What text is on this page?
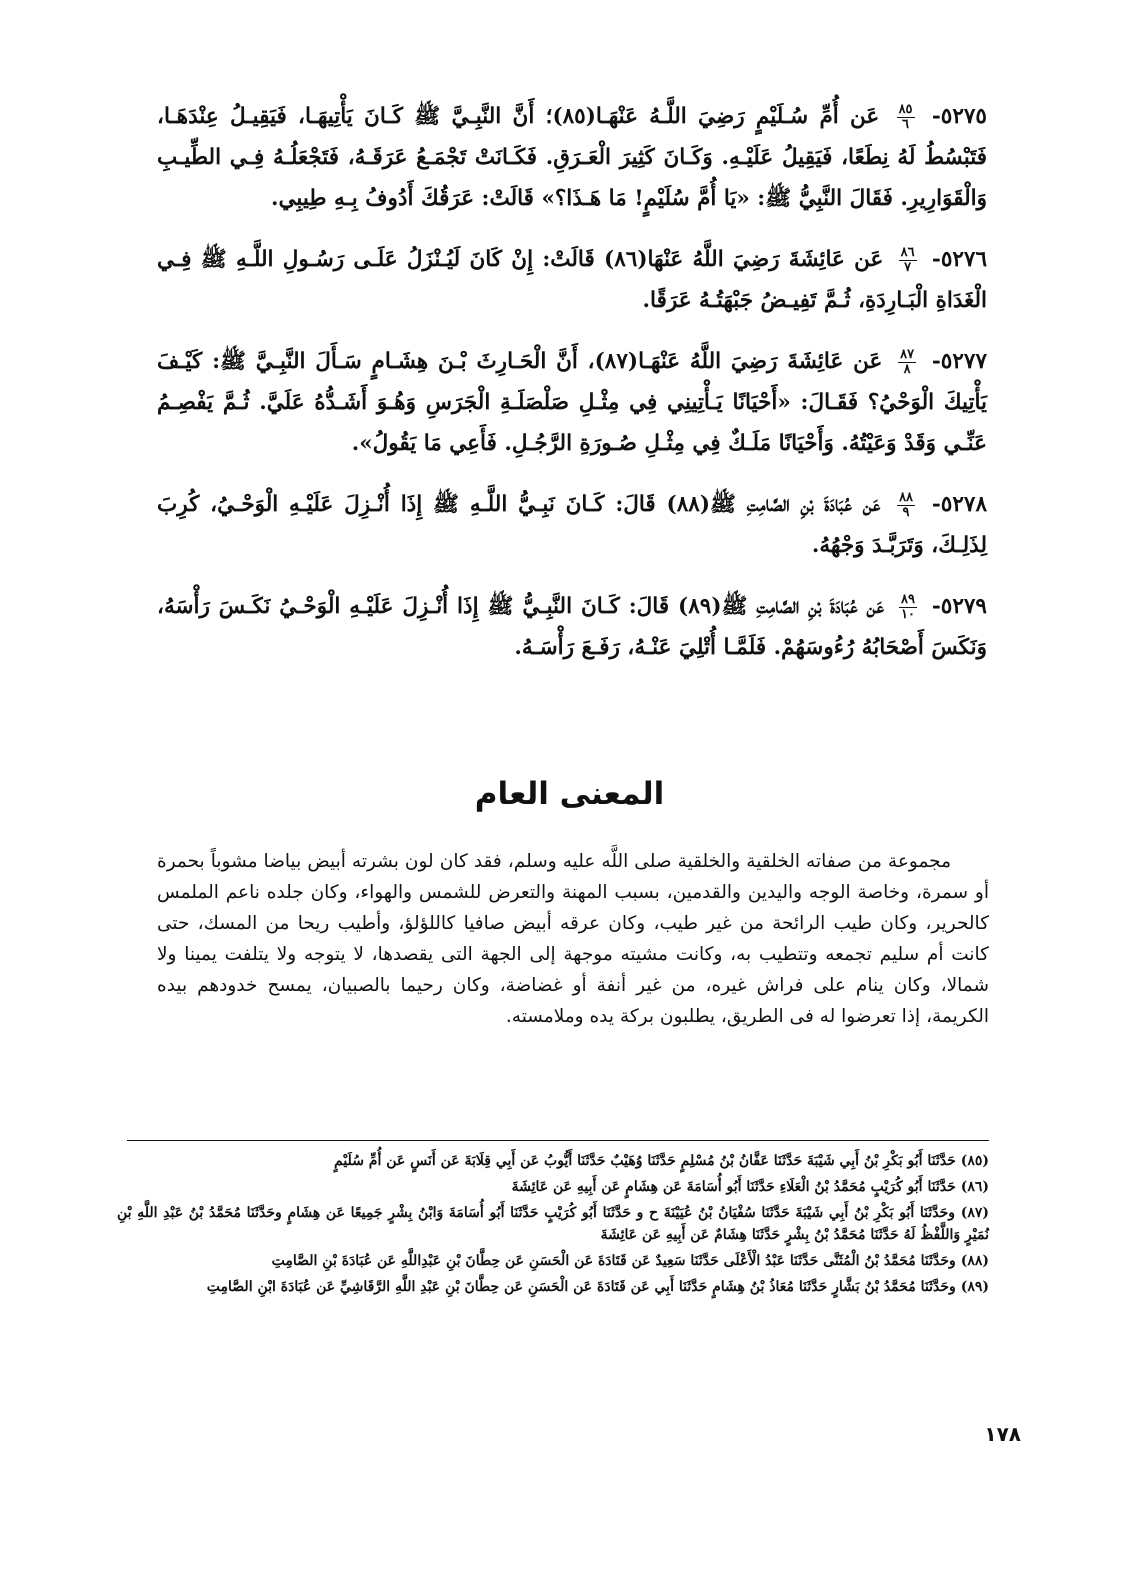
٥٢٧٥-
$\frac{٨٥}{٦}$
عَن أُمِّ سُـلَيْمٍ رَضِيَ اللَّـهُ عَنْهَـا(٨٥)؛ أَنَّ النَّبِـيَّ ﷺ كَـانَ يَأْتِيهَـا، فَيَقِيـلُ عِنْدَهَـا، فَتَبْسُطُ لَهُ نِطَعًا، فَيَقِيلُ عَلَيْـهِ. وَكَـانَ كَثِيرَ الْعَـرَقِ. فَكَـانَتْ تَجْمَـعُ عَرَقَـهُ، فَتَجْعَلُـهُ فِـي الطِّيـبِ وَالْقَوَارِيرِ. فَقَالَ النَّبِيُّ ﷺ: «يَا أُمَّ سُلَيْمٍ! مَا هَـذَا؟» قَالَتْ: عَرَقُكَ أَدُوفُ بِـهِ طِيبِي.

٥٢٧٦-
$\frac{٨٦}{٧}$
عَن عَائِشَةَ رَضِيَ اللَّهُ عَنْهَا(٨٦) قَالَتْ: إِنْ كَانَ لَيُـنْزَلُ عَلَـى رَسُـولِ اللَّـهِ ﷺ فِـي الْغَدَاةِ الْبَـارِدَةِ، ثُـمَّ تَفِيـضُ جَبْهَتُـهُ عَرَقًا.

٥٢٧٧-
$\frac{٨٧}{٨}$
عَن عَائِشَةَ رَضِيَ اللَّهُ عَنْهَـا(٨٧)، أَنَّ الْحَـارِثَ بْـنَ هِشَـامٍ سَـأَلَ النَّبِـيَّ ﷺ: كَيْـفَ يَأْتِيكَ الْوَحْيُ؟ فَقَـالَ: «أَحْيَانًا يَـأْتِينِي فِي مِثْـلِ صَلْصَلَـةِ الْجَرَسِ وَهُـوَ أَشَـدُّهُ عَلَيَّ. ثُـمَّ يَفْصِـمُ عَنِّـي وَقَدْ وَعَيْتُهُ. وَأَحْيَانًا مَلَـكٌ فِي مِثْـلِ صُـورَةِ الرَّجُـلِ. فَأَعِي مَا يَقُولُ».

٥٢٧٨-
$\frac{٨٨}{٩}$
عَن عُبَادَةَ بْنِ الصَّامِتِ ﷺ(٨٨) قَالَ: كَـانَ نَبِـيُّ اللَّـهِ ﷺ إِذَا أُنْـزِلَ عَلَيْـهِ الْوَحْـيُ، كُرِبَ لِذَلِـكَ، وَتَرَبَّـدَ وَجْهُهُ.

٥٢٧٩-
$\frac{٨٩}{١٠}$
عَن عُبَادَةَ بْنِ الصَّامِتِ ﷺ(٨٩) قَالَ: كَـانَ النَّبِـيُّ ﷺ إِذَا أُنْـزِلَ عَلَيْـهِ الْوَحْـيُ نَكَـسَ رَأْسَهُ، وَنَكَسَ أَصْحَابُهُ رُءُوسَهُمْ. فَلَمَّـا أُتْلِيَ عَنْـهُ، رَفَـعَ رَأْسَـهُ.

المعنى العام

مجموعة من صفاته الخلقية والخلقية صلى اللَّه عليه وسلم، فقد كان لون بشرته أبيض بياضا مشوباً بحمرة أو سمرة، وخاصة الوجه واليدين والقدمين، بسبب المهنة والتعرض للشمس والهواء، وكان جلده ناعم الملمس كالحرير، وكان طيب الرائحة من غير طيب، وكان عرقه أبيض صافيا كاللؤلؤ، وأطيب ريحا من المسك، حتى كانت أم سليم تجمعه وتتطيب به، وكانت مشيته موجهة إلى الجهة التى يقصدها، لا يتوجه ولا يتلفت يمينا ولا شمالا، وكان ينام على فراش غيره، من غير أنفة أو غضاضة، وكان رحيما بالصبيان، يمسح خدودهم بيده الكريمة، إذا تعرضوا له فى الطريق، يطلبون بركة يده وملامسته.

(٨٥) حَدَّثَنَا أَبُو بَكْرِ بْنُ أَبِي شَيْبَةَ حَدَّثَنَا عَفَّانُ بْنُ مُسْلِمٍ حَدَّثَنَا وُهَيْبٌ حَدَّثَنَا أَيُّوبُ عَن أَبِي قِلَابَةَ عَن أَنَسٍ عَن أُمِّ سُلَيْمٍ

(٨٦) حَدَّثَنَا أَبُو كُرَيْبٍ مُحَمَّدُ بْنُ الْعَلَاءِ حَدَّثَنَا أَبُو أُسَامَةَ عَن هِشَامٍ عَن أَبِيهِ عَن عَائِشَةَ

(٨٧) وحَدَّثَنَا أَبُو بَكْرِ بْنُ أَبِي شَيْبَةَ حَدَّثَنَا سُفْيَانُ بْنُ عُيَيْنَةَ ح و حَدَّثَنَا أَبُو كُرَيْبٍ حَدَّثَنَا أَبُو أُسَامَةَ وَابْنُ بِشْرٍ جَمِيعًا عَن هِشَامٍ وحَدَّثَنَا مُحَمَّدُ بْنُ عَبْدِ اللَّهِ بْنِ نُمَيْرٍ وَاللَّفْظُ لَهُ حَدَّثَنَا مُحَمَّدُ بْنُ بِشْرٍ حَدَّثَنَا هِشَامٌ عَن أَبِيهِ عَن عَائِشَةَ

(٨٨) وحَدَّثَنَا مُحَمَّدُ بْنُ الْمُثَنَّى حَدَّثَنَا عَبْدُ الْأَعْلَى حَدَّثَنَا سَعِيدٌ عَن قَتَادَةَ عَن الْحَسَنِ عَن حِطَّانَ بْنِ عَبْدِاللَّهِ عَن عُبَادَةَ بْنِ الصَّامِتِ

(٨٩) وحَدَّثَنَا مُحَمَّدُ بْنُ بَشَّارٍ حَدَّثَنَا مُعَاذُ بْنُ هِشَامٍ حَدَّثَنَا أَبِي عَن قَتَادَةَ عَن الْحَسَنِ عَن حِطَّانَ بْنِ عَبْدِ اللَّهِ الرَّقَاشِيِّ عَن عُبَادَةَ ابْنِ الصَّامِتِ

١٧٨
